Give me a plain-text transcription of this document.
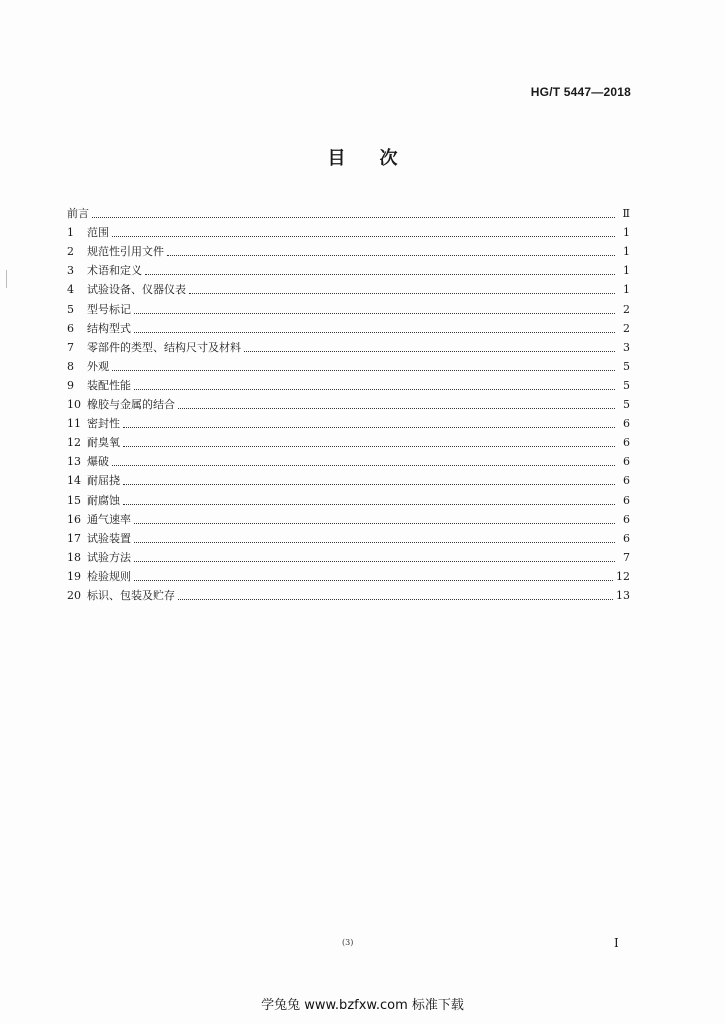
HG/T 5447—2018
目 次
前言	Ⅱ
1	范围	1
2	规范性引用文件	1
3	术语和定义	1
4	试验设备、仪器仪表	1
5	型号标记	2
6	结构型式	2
7	零部件的类型、结构尺寸及材料	3
8	外观	5
9	装配性能	5
10 橡胶与金属的结合	5
11 密封性	6
12 耐臭氧	6
13 爆破	6
14 耐屈挠	6
15 耐腐蚀	6
16 通气速率	6
17 试验装置	6
18 试验方法	7
19 检验规则	12
20 标识、包装及贮存	13
(3)	I
学兔兔 www.bzfxw.com 标准下载
